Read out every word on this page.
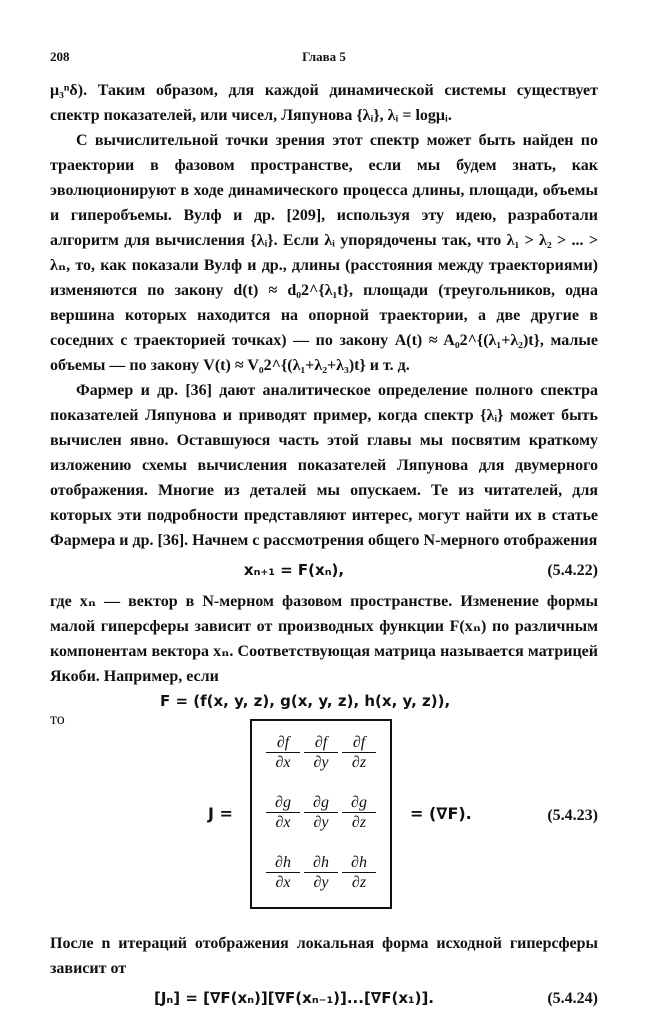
208	Глава 5

μ₃ⁿδ). Таким образом, для каждой динамической системы существует спектр показателей, или чисел, Ляпунова {λᵢ}, λᵢ = logμᵢ.

С вычислительной точки зрения этот спектр может быть найден по траектории в фазовом пространстве, если мы будем знать, как эволюционируют в ходе динамического процесса длины, площади, объемы и гиперобъемы. Вулф и др. [209], используя эту идею, разработали алгоритм для вычисления {λᵢ}. Если λᵢ упорядочены так, что λ₁ > λ₂ > ... > λₙ, то, как показали Вулф и др., длины (расстояния между траекториями) изменяются по закону d(t) ≈ d₀2^{λ₁t}, площади (треугольников, одна вершина которых находится на опорной траектории, а две другие в соседних с траекторией точках) — по закону A(t) ≈ A₀2^{(λ₁+λ₂)t}, малые объемы — по закону V(t) ≈ V₀2^{(λ₁+λ₂+λ₃)t} и т. д.

Фармер и др. [36] дают аналитическое определение полного спектра показателей Ляпунова и приводят пример, когда спектр {λᵢ} может быть вычислен явно. Оставшуюся часть этой главы мы посвятим краткому изложению схемы вычисления показателей Ляпунова для двумерного отображения. Многие из деталей мы опускаем. Те из читателей, для которых эти подробности представляют интерес, могут найти их в статье Фармера и др. [36]. Начнем с рассмотрения общего N-мерного отображения

xₙ₊₁ = F(xₙ),	(5.4.22)

где xₙ — вектор в N-мерном фазовом пространстве. Изменение формы малой гиперсферы зависит от производных функции F(xₙ) по различным компонентам вектора xₙ. Соответствующая матрица называется матрицей Якоби. Например, если

то
F = (f(x, y, z), g(x, y, z), h(x, y, z)),
J =
$\frac{\partial f}{\partial x} \frac{\partial f}{\partial y} \frac{\partial f}{\partial z}$
$\frac{\partial g}{\partial x} \frac{\partial g}{\partial y} \frac{\partial g}{\partial z}$
$\frac{\partial h}{\partial x} \frac{\partial h}{\partial y} \frac{\partial h}{\partial z}$
= (∇F).	(5.4.23)

После n итераций отображения локальная форма исходной гиперсферы зависит от

[Jₙ] = [∇F(xₙ)][∇F(xₙ₋₁)]...[∇F(x₁)].	(5.4.24)
